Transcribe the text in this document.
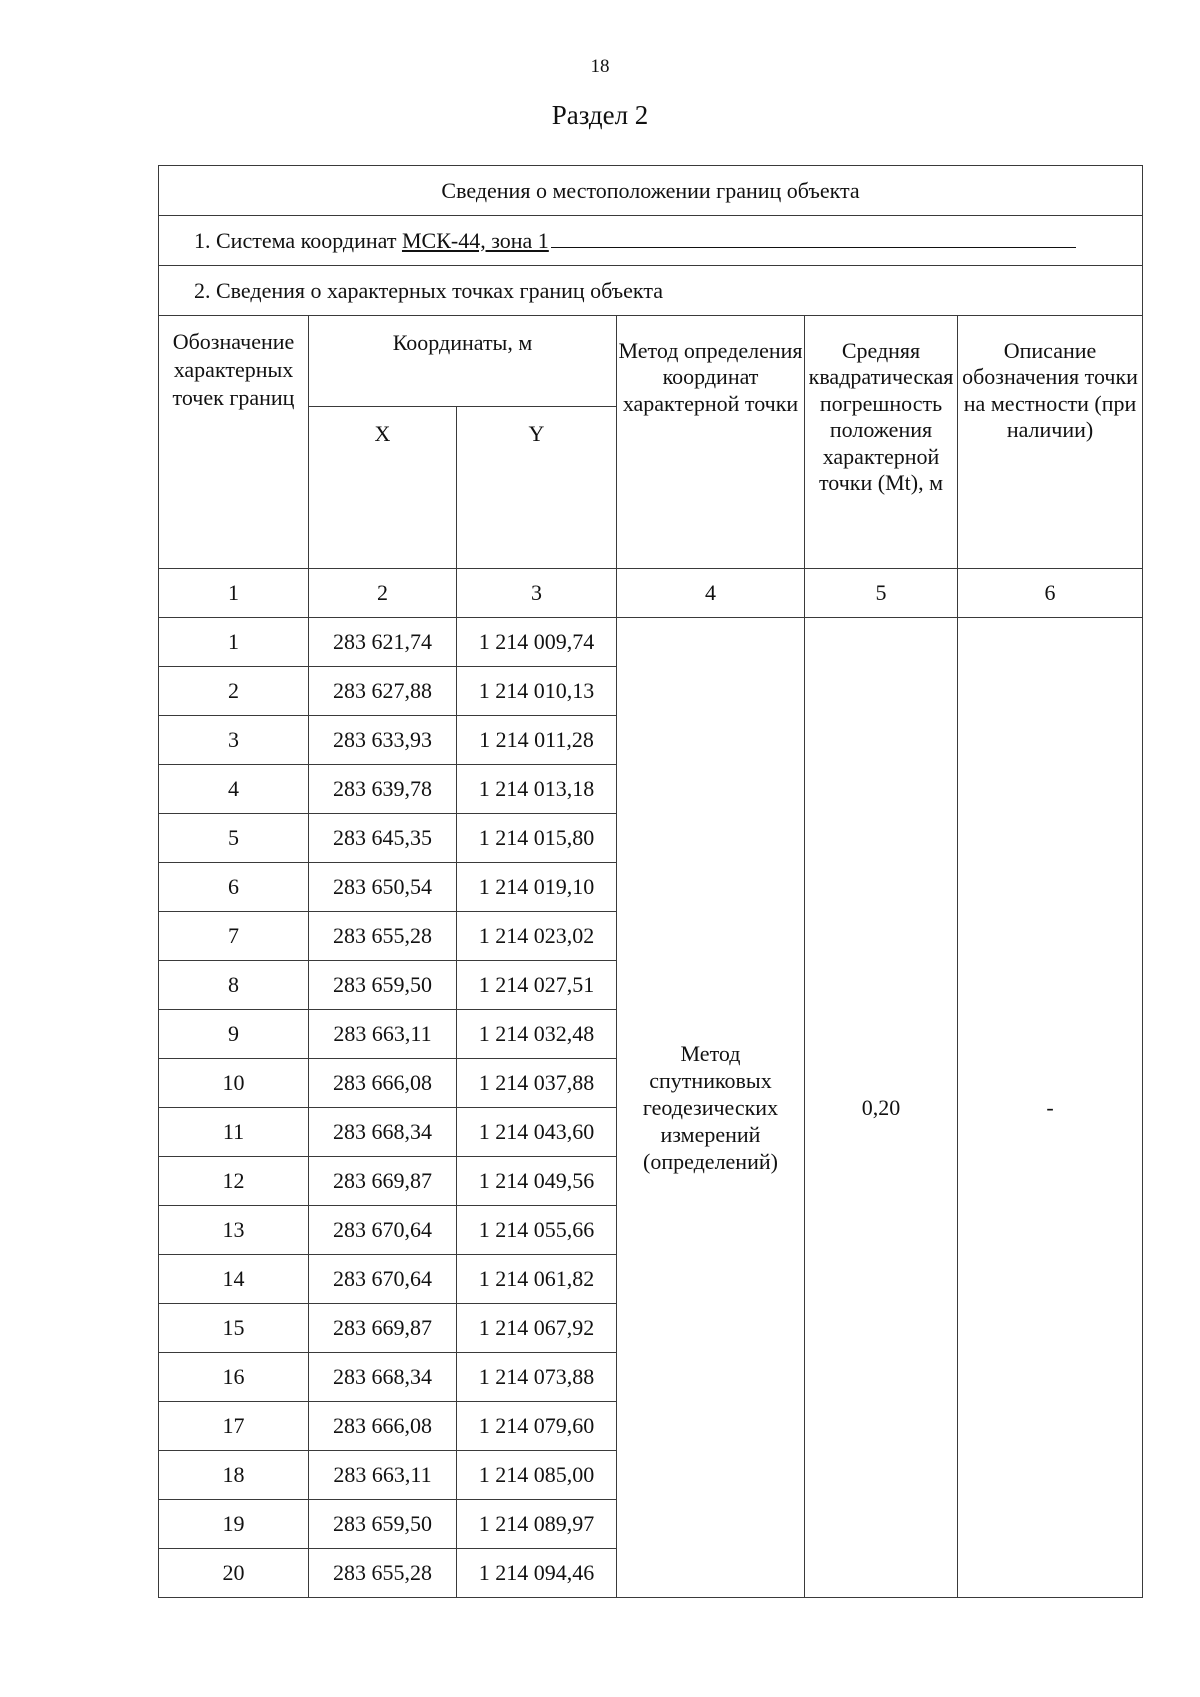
18
Раздел 2
Сведения о местоположении границ объекта					
1. Система координат МСК-44, зона 1					
2. Сведения о характерных точках границ объекта					
Обозначение характерных точек границ	Координаты, м		Метод определения координат характерной точки	Средняя квадратическая погрешность положения характерной точки (Mt), м	Описание обозначения точки на местности (при наличии)
	X	Y			
1	2	3	4	5	6
1	283 621,74	1 214 009,74	Метод спутниковых геодезических измерений (определений)	0,20	-
2	283 627,88	1 214 010,13			
3	283 633,93	1 214 011,28			
4	283 639,78	1 214 013,18			
5	283 645,35	1 214 015,80			
6	283 650,54	1 214 019,10			
7	283 655,28	1 214 023,02			
8	283 659,50	1 214 027,51			
9	283 663,11	1 214 032,48			
10	283 666,08	1 214 037,88			
11	283 668,34	1 214 043,60			
12	283 669,87	1 214 049,56			
13	283 670,64	1 214 055,66			
14	283 670,64	1 214 061,82			
15	283 669,87	1 214 067,92			
16	283 668,34	1 214 073,88			
17	283 666,08	1 214 079,60			
18	283 663,11	1 214 085,00			
19	283 659,50	1 214 089,97			
20	283 655,28	1 214 094,46			
